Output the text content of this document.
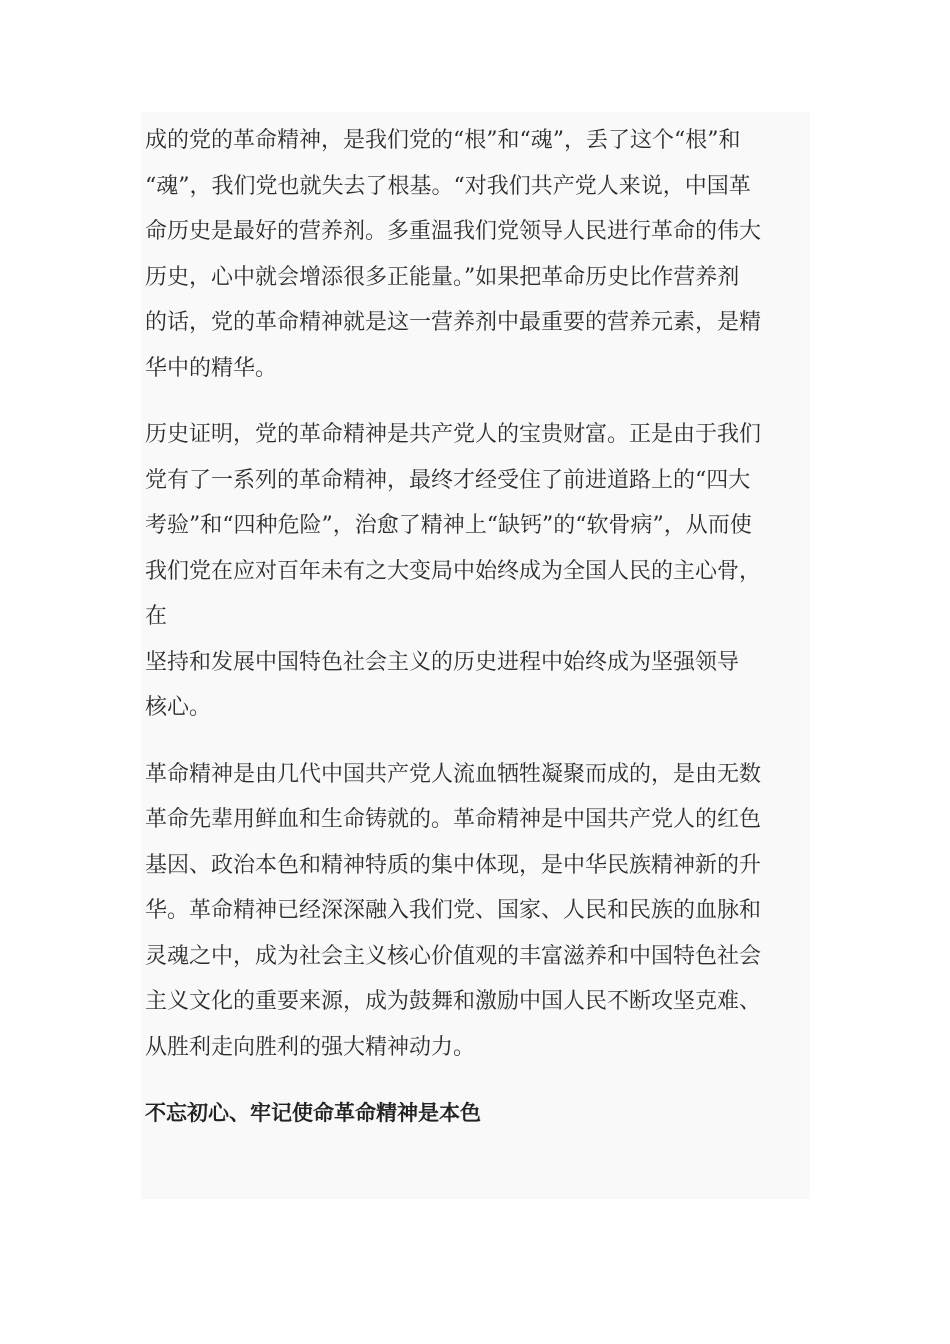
成的党的革命精神，是我们党的“根”和“魂”，丢了这个“根”和
“魂”，我们党也就失去了根基。“对我们共产党人来说，中国革
命历史是最好的营养剂。多重温我们党领导人民进行革命的伟大
历史，心中就会增添很多正能量。”如果把革命历史比作营养剂
的话，党的革命精神就是这一营养剂中最重要的营养元素，是精
华中的精华。

历史证明，党的革命精神是共产党人的宝贵财富。正是由于我们
党有了一系列的革命精神，最终才经受住了前进道路上的“四大
考验”和“四种危险”，治愈了精神上“缺钙”的“软骨病”，从而使
我们党在应对百年未有之大变局中始终成为全国人民的主心骨，
在
坚持和发展中国特色社会主义的历史进程中始终成为坚强领导
核心。

革命精神是由几代中国共产党人流血牺牲凝聚而成的，是由无数
革命先辈用鲜血和生命铸就的。革命精神是中国共产党人的红色
基因、政治本色和精神特质的集中体现，是中华民族精神新的升
华。革命精神已经深深融入我们党、国家、人民和民族的血脉和
灵魂之中，成为社会主义核心价值观的丰富滋养和中国特色社会
主义文化的重要来源，成为鼓舞和激励中国人民不断攻坚克难、
从胜利走向胜利的强大精神动力。

不忘初心、牢记使命革命精神是本色
